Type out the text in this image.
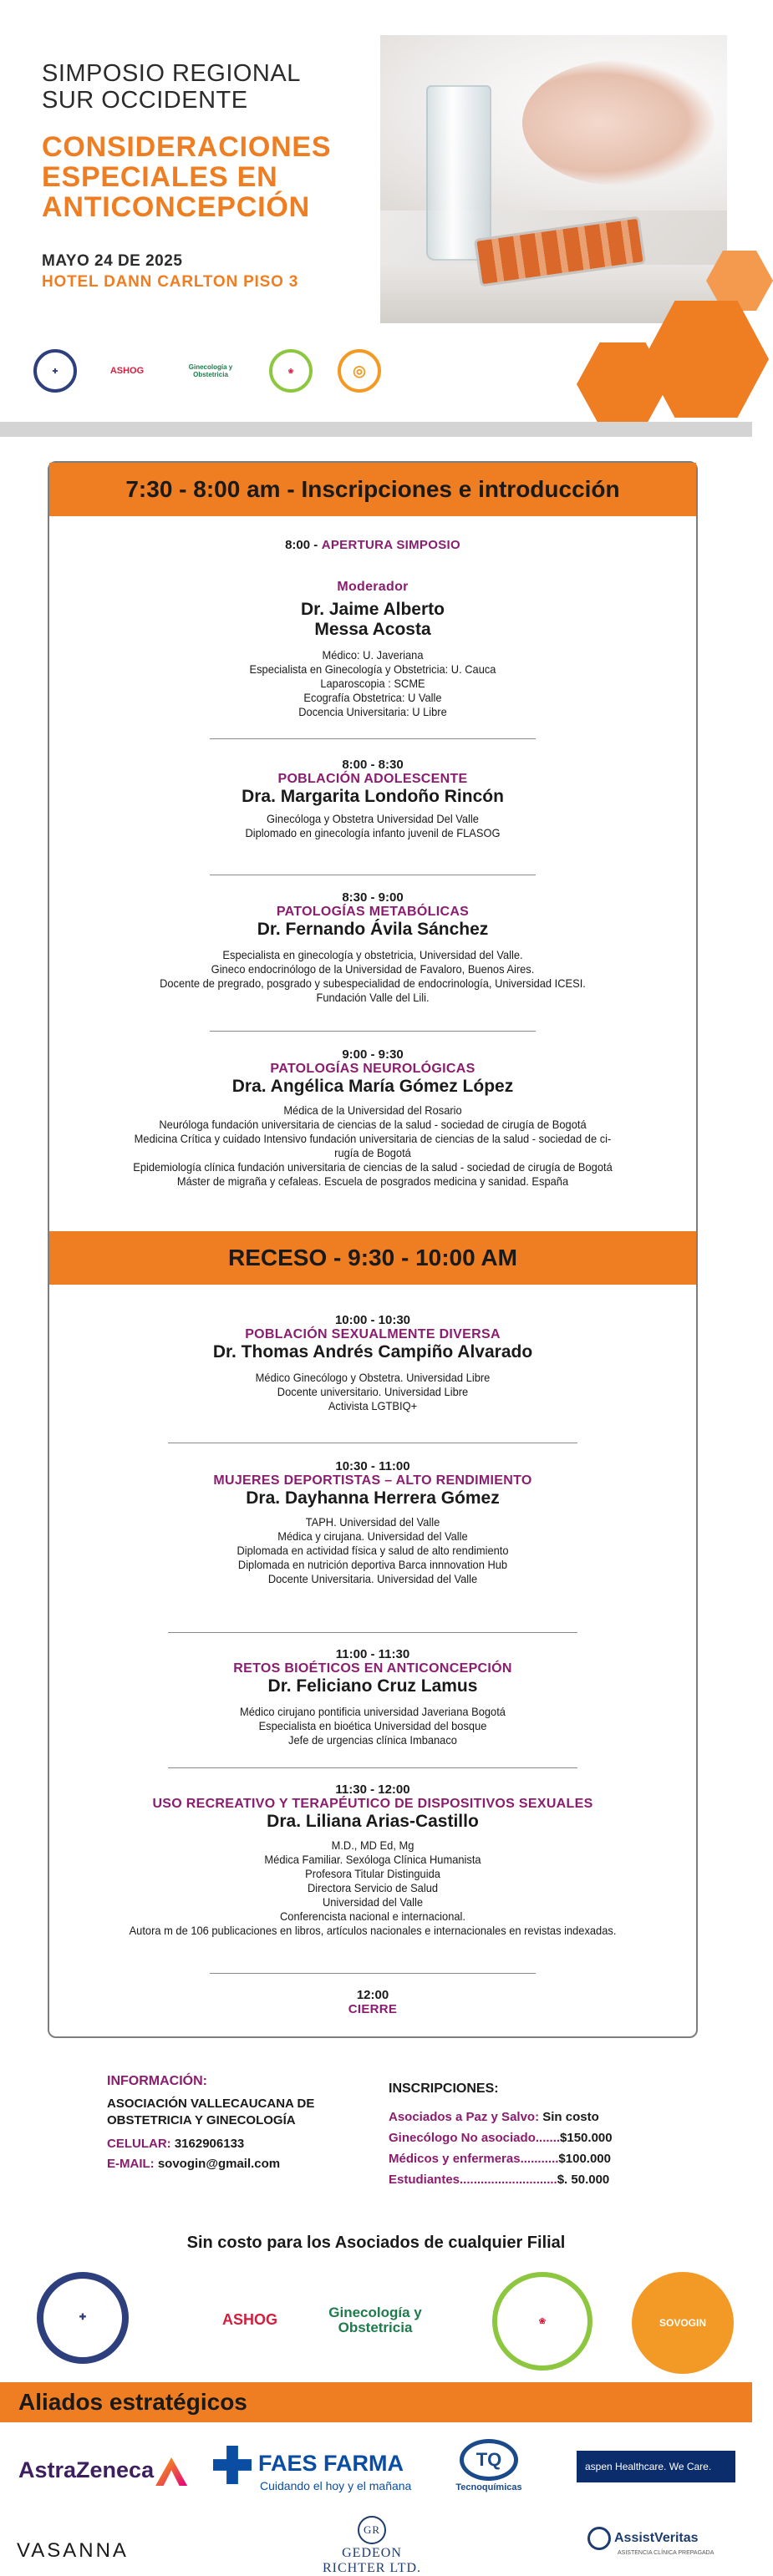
SIMPOSIO REGIONAL
SUR OCCIDENTE
CONSIDERACIONES
ESPECIALES EN
ANTICONCEPCIÓN
MAYO 24 DE 2025
HOTEL DANN CARLTON PISO 3
✚	ASHOG	Ginecología y Obstetricia	❀	◎
7:30 - 8:00 am - Inscripciones e introducción
8:00 - APERTURA SIMPOSIO
Moderador
Dr. Jaime Alberto
Messa Acosta
Médico: U. Javeriana
Especialista en Ginecología y Obstetricia: U. Cauca
Laparoscopia : SCME
Ecografía Obstetrica: U Valle
Docencia Universitaria: U Libre
8:00 - 8:30
POBLACIÓN ADOLESCENTE
Dra. Margarita Londoño Rincón
Ginecóloga y Obstetra Universidad Del Valle
Diplomado en ginecología infanto juvenil de FLASOG
8:30 - 9:00
PATOLOGÍAS METABÓLICAS
Dr. Fernando Ávila Sánchez
Especialista en ginecología y obstetricia, Universidad del Valle.
Gineco endocrinólogo de la Universidad de Favaloro, Buenos Aires.
Docente de pregrado, posgrado y subespecialidad de endocrinología, Universidad ICESI.
Fundación Valle del Lili.
9:00 - 9:30
PATOLOGÍAS NEUROLÓGICAS
Dra. Angélica María Gómez López
Médica de la Universidad del Rosario
Neuróloga fundación universitaria de ciencias de la salud - sociedad de cirugía de Bogotá
Medicina Crítica y cuidado Intensivo fundación universitaria de ciencias de la salud - sociedad de ci-
rugía de Bogotá
Epidemiología clínica fundación universitaria de ciencias de la salud - sociedad de cirugía de Bogotá
Máster de migraña y cefaleas. Escuela de posgrados medicina y sanidad. España
RECESO - 9:30 - 10:00 AM
10:00 - 10:30
POBLACIÓN SEXUALMENTE DIVERSA
Dr. Thomas Andrés Campiño Alvarado
Médico Ginecólogo y Obstetra. Universidad Libre
Docente universitario. Universidad Libre
Activista LGTBIQ+
10:30 - 11:00
MUJERES DEPORTISTAS – ALTO RENDIMIENTO
Dra. Dayhanna Herrera Gómez
TAPH. Universidad del Valle
Médica y cirujana. Universidad del Valle
Diplomada en actividad física y salud de alto rendimiento
Diplomada en nutrición deportiva Barca innnovation Hub
Docente Universitaria. Universidad del Valle
11:00 - 11:30
RETOS BIOÉTICOS EN ANTICONCEPCIÓN
Dr. Feliciano Cruz Lamus
Médico cirujano pontificia universidad Javeriana Bogotá
Especialista en bioética Universidad del bosque
Jefe de urgencias clínica Imbanaco
11:30 - 12:00
USO RECREATIVO Y TERAPÉUTICO DE DISPOSITIVOS SEXUALES
Dra. Liliana Arias-Castillo
M.D., MD Ed, Mg
Médica Familiar. Sexóloga Clínica Humanista
Profesora Titular Distinguida
Directora Servicio de Salud
Universidad del Valle
Conferencista nacional e internacional.
Autora m de 106 publicaciones en libros, artículos nacionales e internacionales en revistas indexadas.
12:00
CIERRE
INFORMACIÓN:
ASOCIACIÓN VALLECAUCANA DE
OBSTETRICIA Y GINECOLOGÍA
CELULAR: 3162906133
E-MAIL: sovogin@gmail.com
INSCRIPCIONES:
Asociados a Paz y Salvo: Sin costo
Ginecólogo No asociado.......$150.000
Médicos y enfermeras...........$100.000
Estudiantes............................$. 50.000
Sin costo para los Asociados de cualquier Filial
✚	ASHOG	Ginecología y Obstetricia	❀	SOVOGIN
Aliados estratégicos
AstraZeneca	FAES FARMA
Cuidando el hoy y el mañana
TQ
Tecnoquímicas
aspen Healthcare. We Care.
VASANNA
GR
GEDEON RICHTER LTD.
AssistVeritas
ASISTENCIA CLÍNICA PREPAGADA
